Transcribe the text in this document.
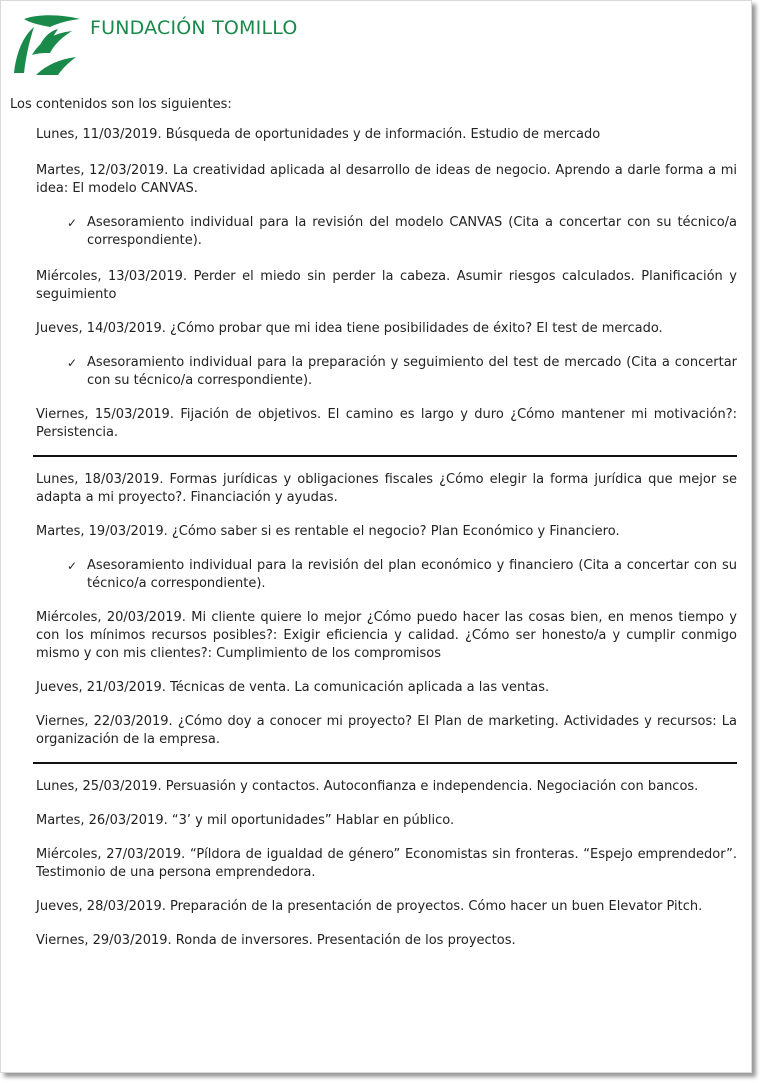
FUNDACIÓN TOMILLO

Los contenidos son los siguientes:

Lunes, 11/03/2019. Búsqueda de oportunidades y de información. Estudio de mercado

Martes, 12/03/2019. La creatividad aplicada al desarrollo de ideas de negocio. Aprendo a darle forma a mi idea: El modelo CANVAS.

✓ Asesoramiento individual para la revisión del modelo CANVAS (Cita a concertar con su técnico/a correspondiente).

Miércoles, 13/03/2019. Perder el miedo sin perder la cabeza. Asumir riesgos calculados. Planificación y seguimiento

Jueves, 14/03/2019. ¿Cómo probar que mi idea tiene posibilidades de éxito? El test de mercado.

✓ Asesoramiento individual para la preparación y seguimiento del test de mercado (Cita a concertar con su técnico/a correspondiente).

Viernes, 15/03/2019. Fijación de objetivos. El camino es largo y duro ¿Cómo mantener mi motivación?: Persistencia.

Lunes, 18/03/2019. Formas jurídicas y obligaciones fiscales ¿Cómo elegir la forma jurídica que mejor se adapta a mi proyecto?. Financiación y ayudas.

Martes, 19/03/2019. ¿Cómo saber si es rentable el negocio? Plan Económico y Financiero.

✓ Asesoramiento individual para la revisión del plan económico y financiero (Cita a concertar con su técnico/a correspondiente).

Miércoles, 20/03/2019. Mi cliente quiere lo mejor ¿Cómo puedo hacer las cosas bien, en menos tiempo y con los mínimos recursos posibles?: Exigir eficiencia y calidad. ¿Cómo ser honesto/a y cumplir conmigo mismo y con mis clientes?: Cumplimiento de los compromisos

Jueves, 21/03/2019. Técnicas de venta. La comunicación aplicada a las ventas.

Viernes, 22/03/2019. ¿Cómo doy a conocer mi proyecto? El Plan de marketing. Actividades y recursos: La organización de la empresa.

Lunes, 25/03/2019. Persuasión y contactos. Autoconfianza e independencia. Negociación con bancos.

Martes, 26/03/2019. “3’ y mil oportunidades” Hablar en público.

Miércoles, 27/03/2019. “Píldora de igualdad de género” Economistas sin fronteras. “Espejo emprendedor”. Testimonio de una persona emprendedora.

Jueves, 28/03/2019. Preparación de la presentación de proyectos. Cómo hacer un buen Elevator Pitch.

Viernes, 29/03/2019. Ronda de inversores. Presentación de los proyectos.
